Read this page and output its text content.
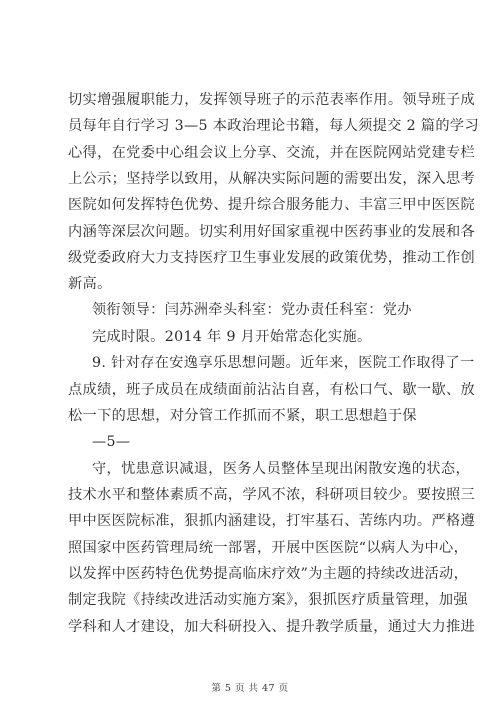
切实增强履职能力，发挥领导班子的示范表率作用。领导班子成
员每年自行学习 3—5 本政治理论书籍，每人须提交 2 篇的学习
心得，在党委中心组会议上分享、交流，并在医院网站党建专栏
上公示；坚持学以致用，从解决实际问题的需要出发，深入思考
医院如何发挥特色优势、提升综合服务能力、丰富三甲中医医院
内涵等深层次问题。切实利用好国家重视中医药事业的发展和各
级党委政府大力支持医疗卫生事业发展的政策优势，推动工作创
新高。
领衔领导：闫苏洲牵头科室：党办责任科室：党办
完成时限。2014 年 9 月开始常态化实施。
9. 针对存在安逸享乐思想问题。近年来，医院工作取得了一
点成绩，班子成员在成绩面前沾沾自喜，有松口气、歇一歇、放
松一下的思想，对分管工作抓而不紧，职工思想趋于保
—5—
守，忧患意识减退，医务人员整体呈现出闲散安逸的状态，
技术水平和整体素质不高，学风不浓，科研项目较少。要按照三
甲中医医院标准，狠抓内涵建设，打牢基石、苦练内功。严格遵
照国家中医药管理局统一部署，开展中医医院“以病人为中心，
以发挥中医药特色优势提高临床疗效”为主题的持续改进活动，
制定我院《持续改进活动实施方案》，狠抓医疗质量管理，加强
学科和人才建设，加大科研投入、提升教学质量，通过大力推进
第 5 页 共 47 页
